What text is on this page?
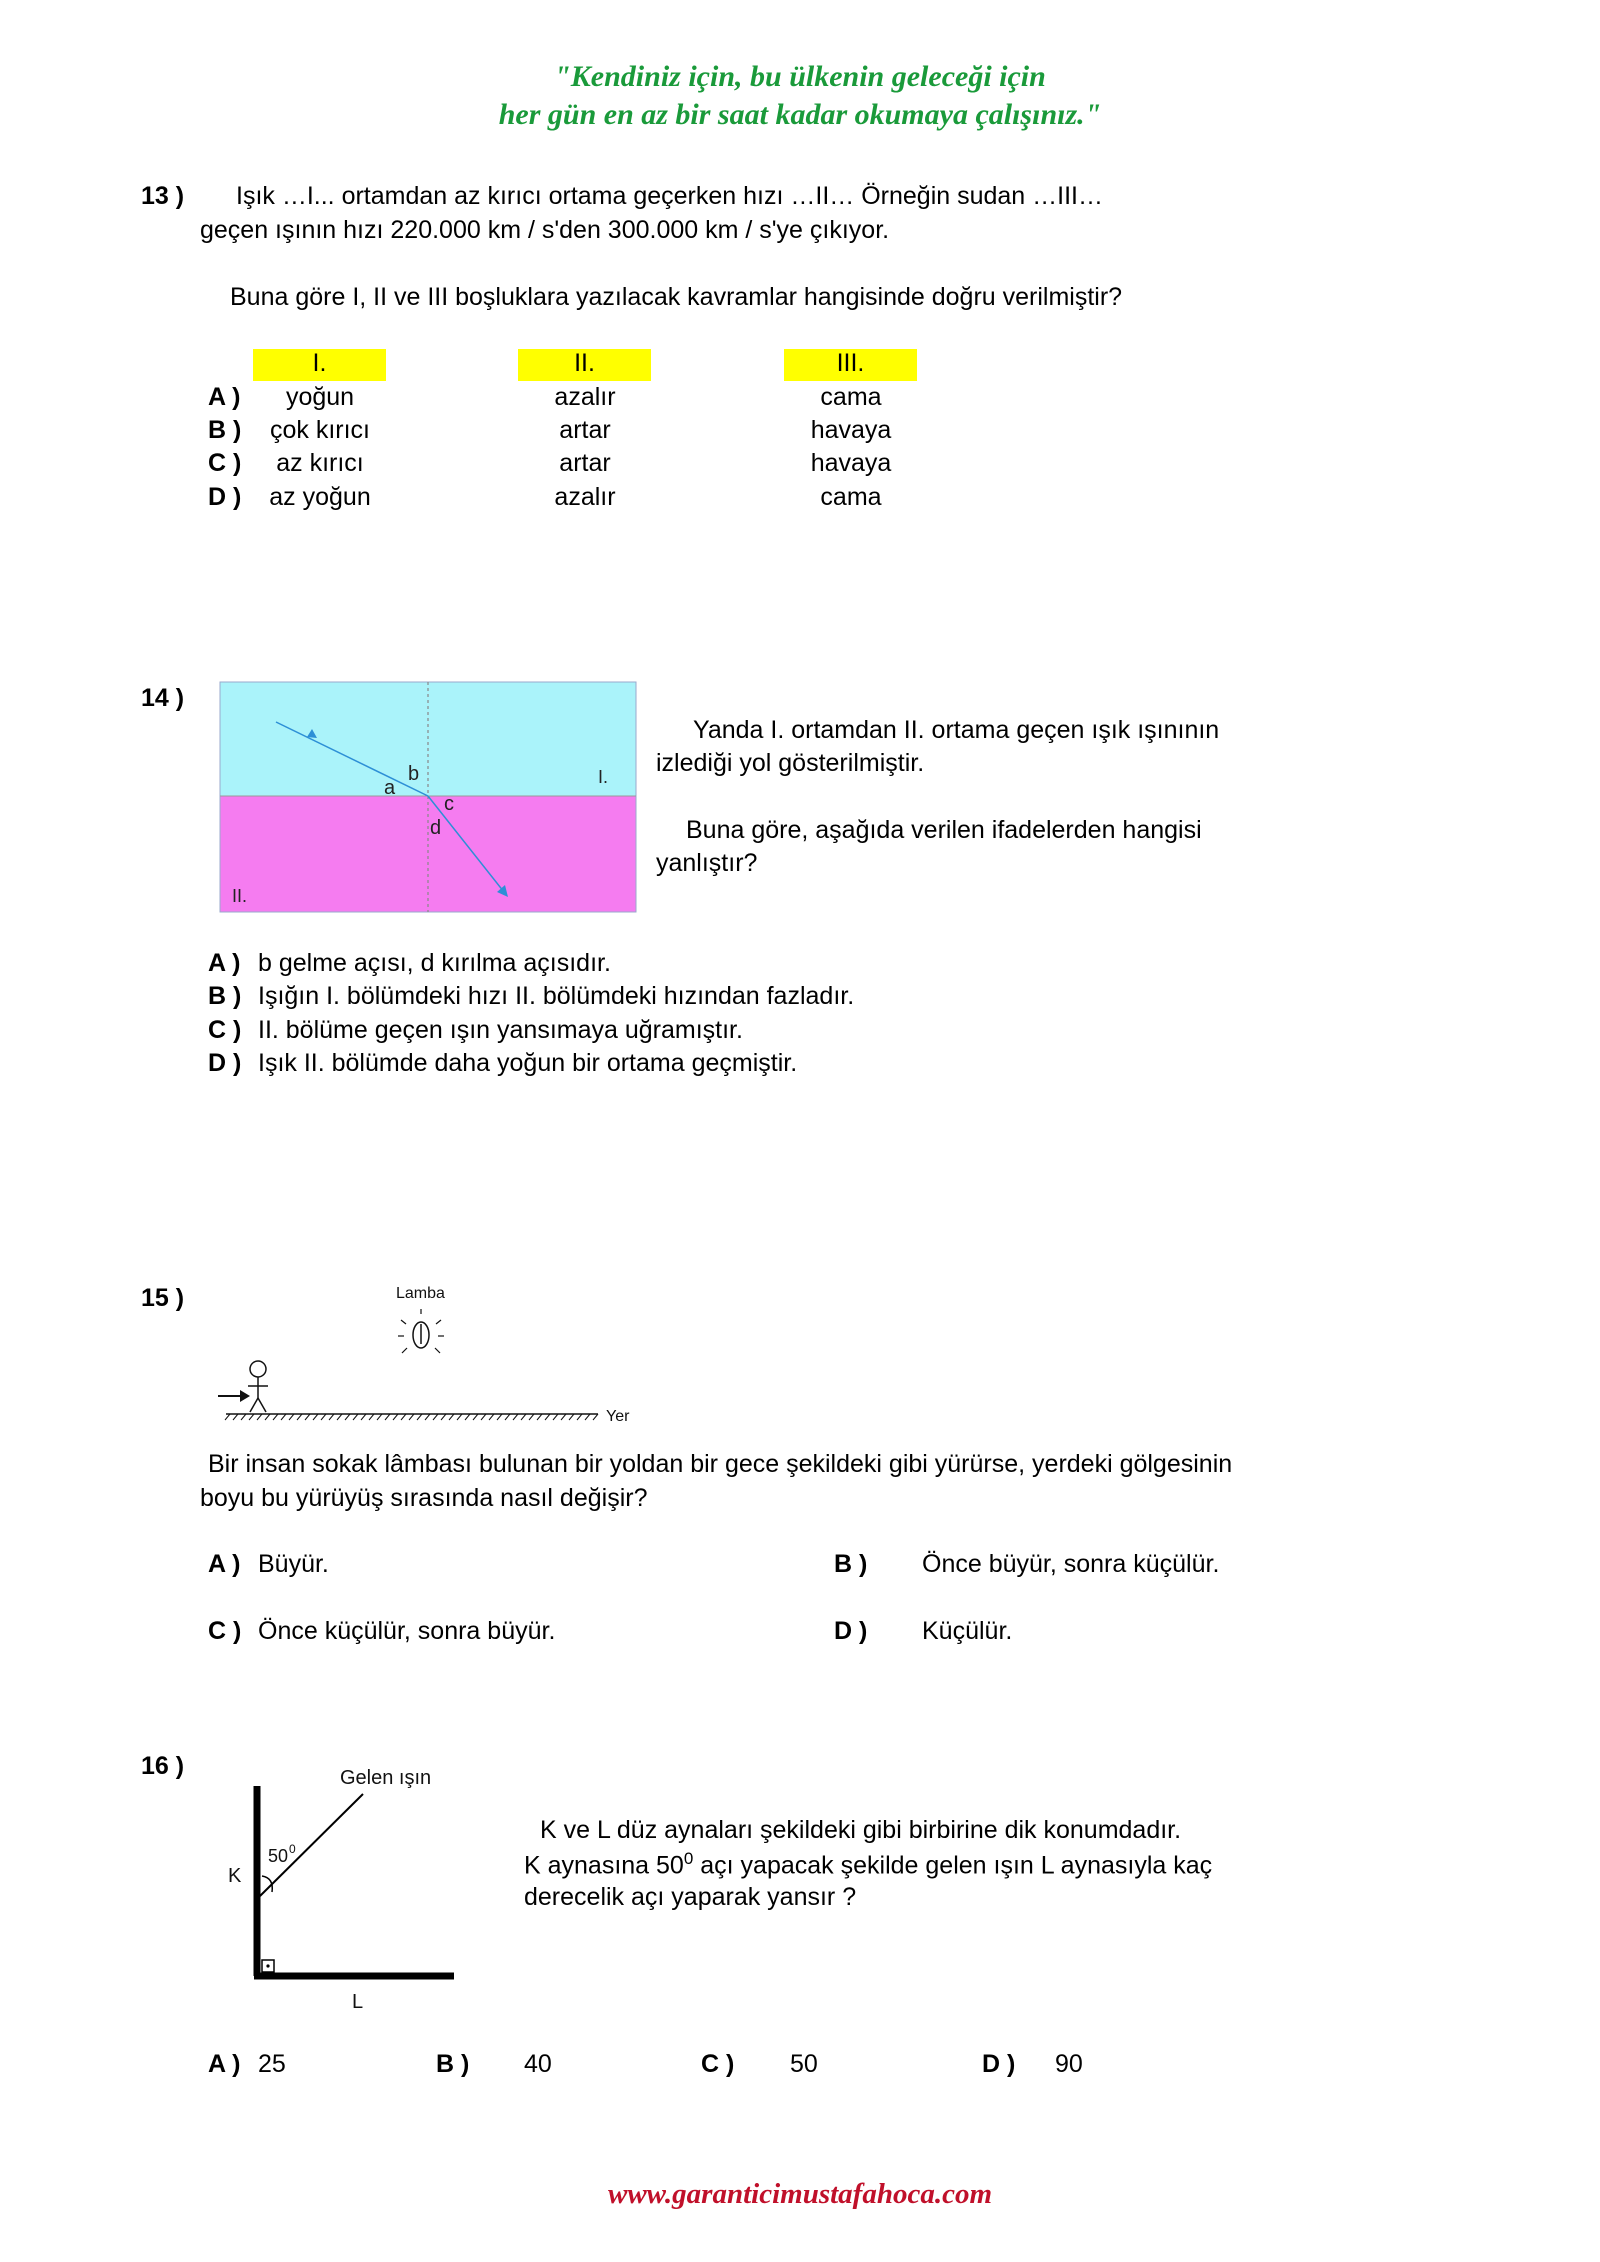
"Kendiniz için, bu ülkenin geleceği için
her gün en az bir saat kadar okumaya çalışınız."
13 ) Işık …I... ortamdan az kırıcı ortama geçerken hızı …II… Örneğin sudan …III…
geçen ışının hızı 220.000 km / s'den 300.000 km / s'ye çıkıyor.
Buna göre I, II ve III boşluklara yazılacak kavramlar hangisinde doğru verilmiştir?
I.	II.	III.
A )	yoğun	azalır	cama
B )	çok kırıcı	artar	havaya
C )	az kırıcı	artar	havaya
D )	az yoğun	azalır	cama
14 )
a
b
c
d
I.
II.
Yanda I. ortamdan II. ortama geçen ışık ışınının
izlediği yol gösterilmiştir.
Buna göre, aşağıda verilen ifadelerden hangisi
yanlıştır?
A ) b gelme açısı, d kırılma açısıdır.
B ) Işığın I. bölümdeki hızı II. bölümdeki hızından fazladır.
C ) II. bölüme geçen ışın yansımaya uğramıştır.
D ) Işık II. bölümde daha yoğun bir ortama geçmiştir.
15 )	Lamba
Yer
Bir insan sokak lâmbası bulunan bir yoldan bir gece şekildeki gibi yürürse, yerdeki gölgesinin
boyu bu yürüyüş sırasında nasıl değişir?
A ) Büyür.	B ) Önce büyür, sonra küçülür.
C ) Önce küçülür, sonra büyür.	D ) Küçülür.
16 )	Gelen ışın
50 0
K
L
K ve L düz aynaları şekildeki gibi birbirine dik konumdadır.
K aynasına $50^0$ açı yapacak şekilde gelen ışın L aynasıyla kaç
derecelik açı yaparak yansır ?
A ) 25	B ) 40	C ) 50	D ) 90
www.garanticimustafahoca.com
